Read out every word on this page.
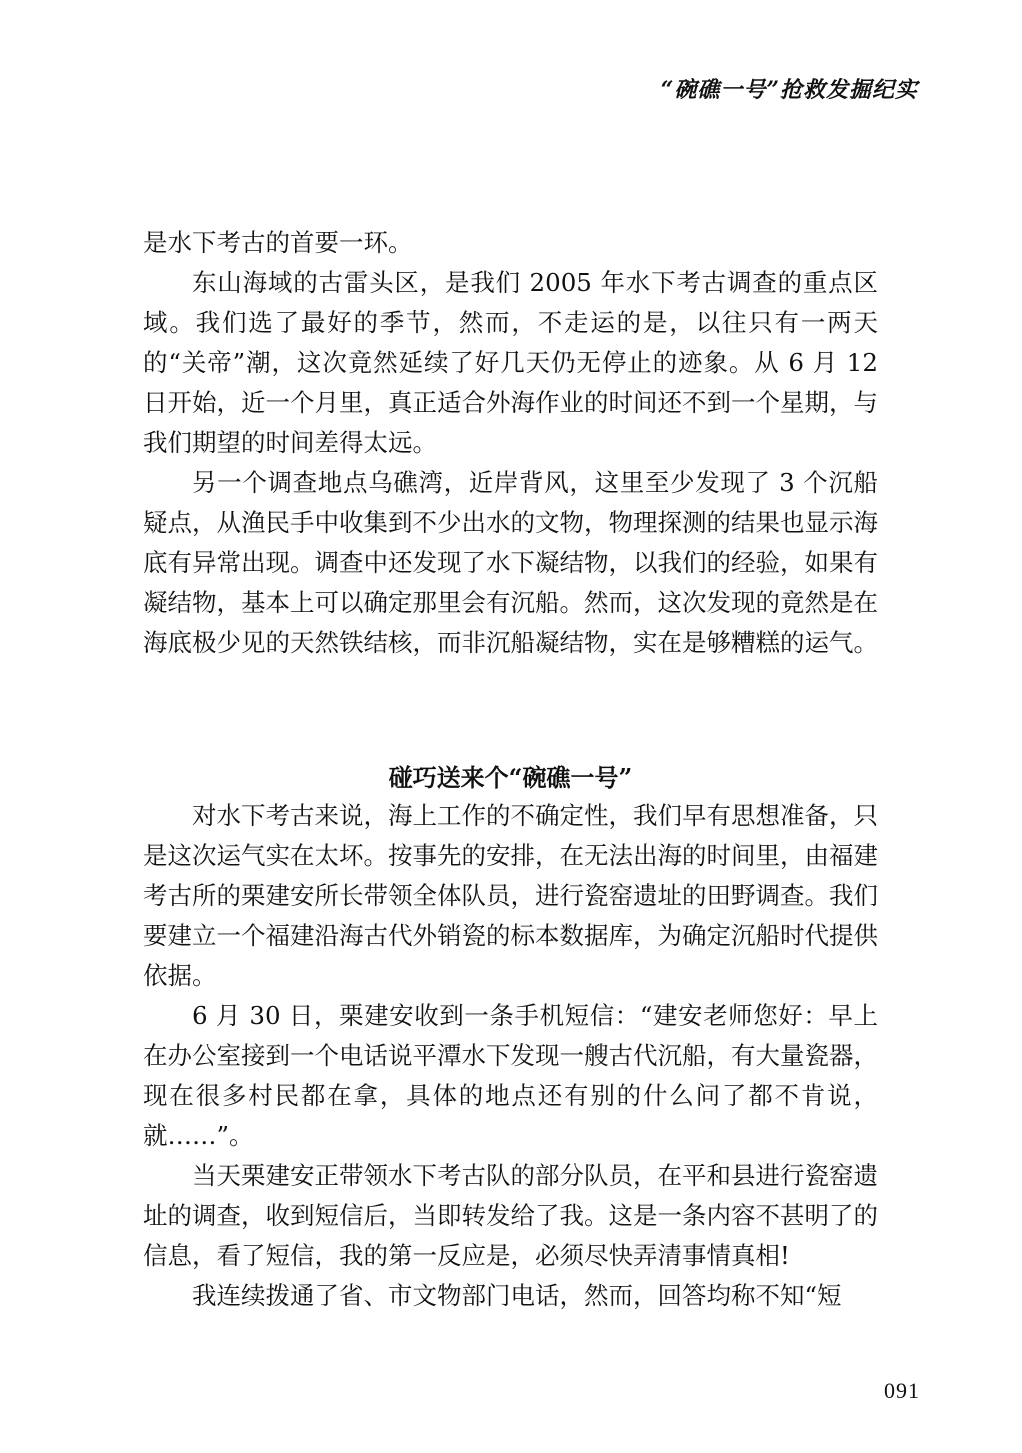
“碗礁一号”抢救发掘纪实

是水下考古的首要一环。

东山海域的古雷头区，是我们 2005 年水下考古调查的重点区域。我们选了最好的季节，然而，不走运的是，以往只有一两天的“关帝”潮，这次竟然延续了好几天仍无停止的迹象。从 6 月 12 日开始，近一个月里，真正适合外海作业的时间还不到一个星期，与我们期望的时间差得太远。

另一个调查地点乌礁湾，近岸背风，这里至少发现了 3 个沉船疑点，从渔民手中收集到不少出水的文物，物理探测的结果也显示海底有异常出现。调查中还发现了水下凝结物，以我们的经验，如果有凝结物，基本上可以确定那里会有沉船。然而，这次发现的竟然是在海底极少见的天然铁结核，而非沉船凝结物，实在是够糟糕的运气。

碰巧送来个“碗礁一号”

对水下考古来说，海上工作的不确定性，我们早有思想准备，只是这次运气实在太坏。按事先的安排，在无法出海的时间里，由福建考古所的栗建安所长带领全体队员，进行瓷窑遗址的田野调查。我们要建立一个福建沿海古代外销瓷的标本数据库，为确定沉船时代提供依据。

6 月 30 日，栗建安收到一条手机短信：“建安老师您好：早上在办公室接到一个电话说平潭水下发现一艘古代沉船，有大量瓷器，现在很多村民都在拿，具体的地点还有别的什么问了都不肯说，就……”。

当天栗建安正带领水下考古队的部分队员，在平和县进行瓷窑遗址的调查，收到短信后，当即转发给了我。这是一条内容不甚明了的信息，看了短信，我的第一反应是，必须尽快弄清事情真相!

我连续拨通了省、市文物部门电话，然而，回答均称不知“短

091
